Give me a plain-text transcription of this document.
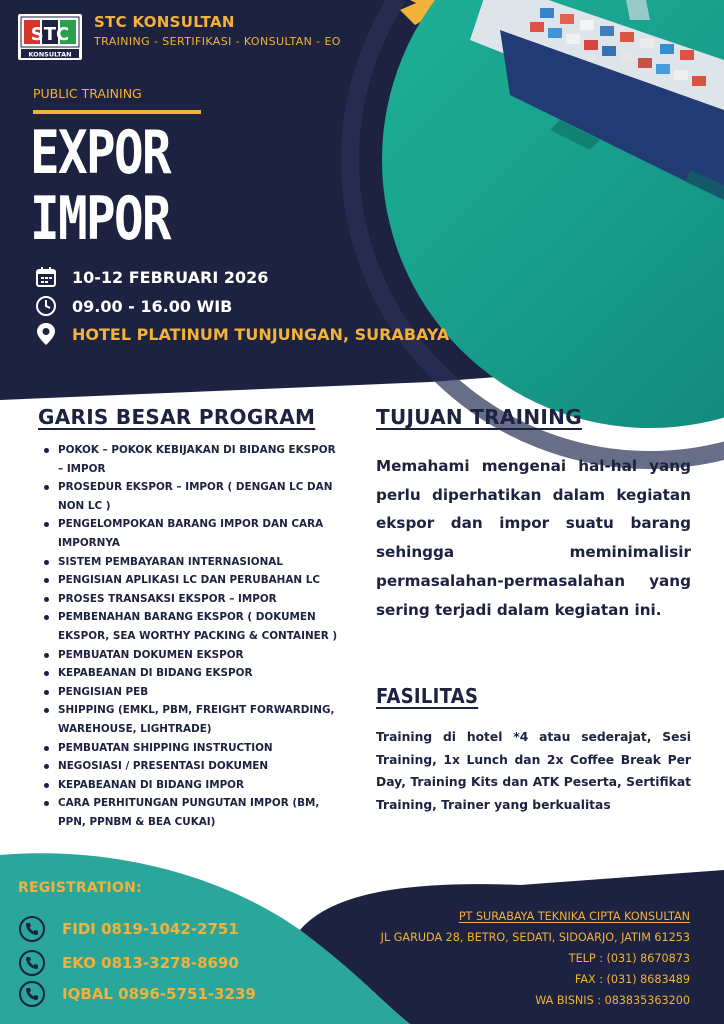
STC
KONSULTAN
STC KONSULTAN
TRAINING - SERTIFIKASI - KONSULTAN - EO
PUBLIC TRAINING
EXPOR
IMPOR
10-12 FEBRUARI 2026
09.00 - 16.00 WIB
HOTEL PLATINUM TUNJUNGAN, SURABAYA
GARIS BESAR PROGRAM
POKOK – POKOK KEBIJAKAN DI BIDANG EKSPOR – IMPOR
PROSEDUR EKSPOR – IMPOR ( DENGAN LC DAN NON LC )
PENGELOMPOKAN BARANG IMPOR DAN CARA IMPORNYA
SISTEM PEMBAYARAN INTERNASIONAL
PENGISIAN APLIKASI LC DAN PERUBAHAN LC
PROSES TRANSAKSI EKSPOR – IMPOR
PEMBENAHAN BARANG EKSPOR ( DOKUMEN EKSPOR, SEA WORTHY PACKING & CONTAINER )
PEMBUATAN DOKUMEN EKSPOR
KEPABEANAN DI BIDANG EKSPOR
PENGISIAN PEB
SHIPPING (EMKL, PBM, FREIGHT FORWARDING, WAREHOUSE, LIGHTRADE)
PEMBUATAN SHIPPING INSTRUCTION
NEGOSIASI / PRESENTASI DOKUMEN
KEPABEANAN DI BIDANG IMPOR
CARA PERHITUNGAN PUNGUTAN IMPOR (BM, PPN, PPNBM & BEA CUKAI)
TUJUAN TRAINING
Memahami mengenai hal-hal yang perlu diperhatikan dalam kegiatan ekspor dan impor suatu barang sehingga meminimalisir permasalahan-permasalahan yang sering terjadi dalam kegiatan ini.
FASILITAS
Training di hotel *4 atau sederajat, Sesi Training, 1x Lunch dan 2x Coffee Break Per Day, Training Kits dan ATK Peserta, Sertifikat Training, Trainer yang berkualitas
REGISTRATION:
FIDI 0819-1042-2751
EKO 0813-3278-8690
IQBAL 0896-5751-3239
PT SURABAYA TEKNIKA CIPTA KONSULTAN
JL GARUDA 28, BETRO, SEDATI, SIDOARJO, JATIM 61253
TELP : (031) 8670873
FAX : (031) 8683489
WA BISNIS : 083835363200
